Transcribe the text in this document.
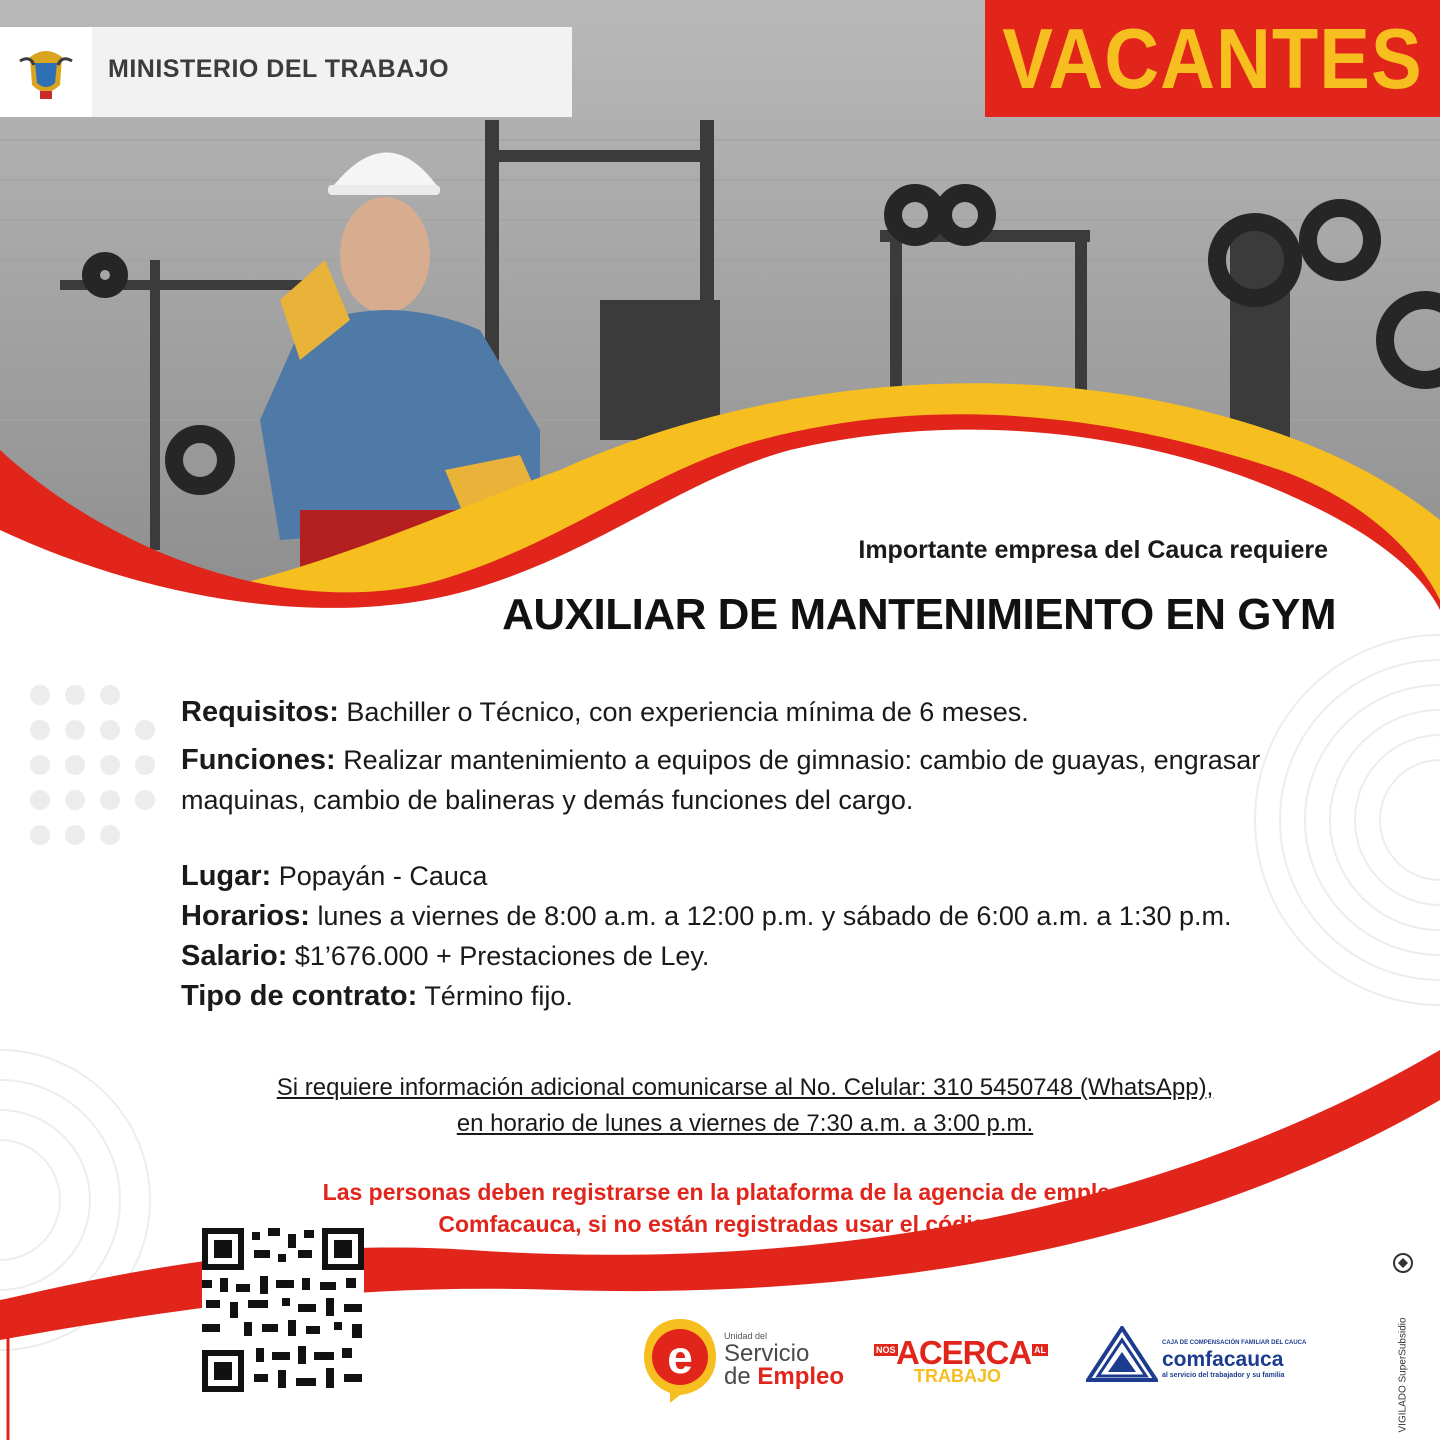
MINISTERIO DEL TRABAJO	VACANTES
Importante empresa del Cauca requiere
AUXILIAR DE MANTENIMIENTO EN GYM

Requisitos: Bachiller o Técnico, con experiencia mínima de 6 meses.

Funciones: Realizar mantenimiento a equipos de gimnasio: cambio de guayas, engrasar maquinas, cambio de balineras y demás funciones del cargo.

Lugar: Popayán - Cauca

Horarios: lunes a viernes de 8:00 a.m. a 12:00 p.m. y sábado de 6:00 a.m. a 1:30 p.m.

Salario: $1’676.000 + Prestaciones de Ley.

Tipo de contrato: Término fijo.

Si requiere información adicional comunicarse al No. Celular: 310 5450748 (WhatsApp),
en horario de lunes a viernes de 7:30 a.m. a 3:00 p.m.
Las personas deben registrarse en la plataforma de la agencia de empleo de
Comfacauca, si no están registradas usar el código QR
e	Unidad del
Servicio
de Empleo
NOS ACERCA AL
TRABAJO
CAJA DE COMPENSACIÓN FAMILIAR DEL CAUCA
comfacauca
al servicio del trabajador y su familia	VIGILADO SuperSubsidio
